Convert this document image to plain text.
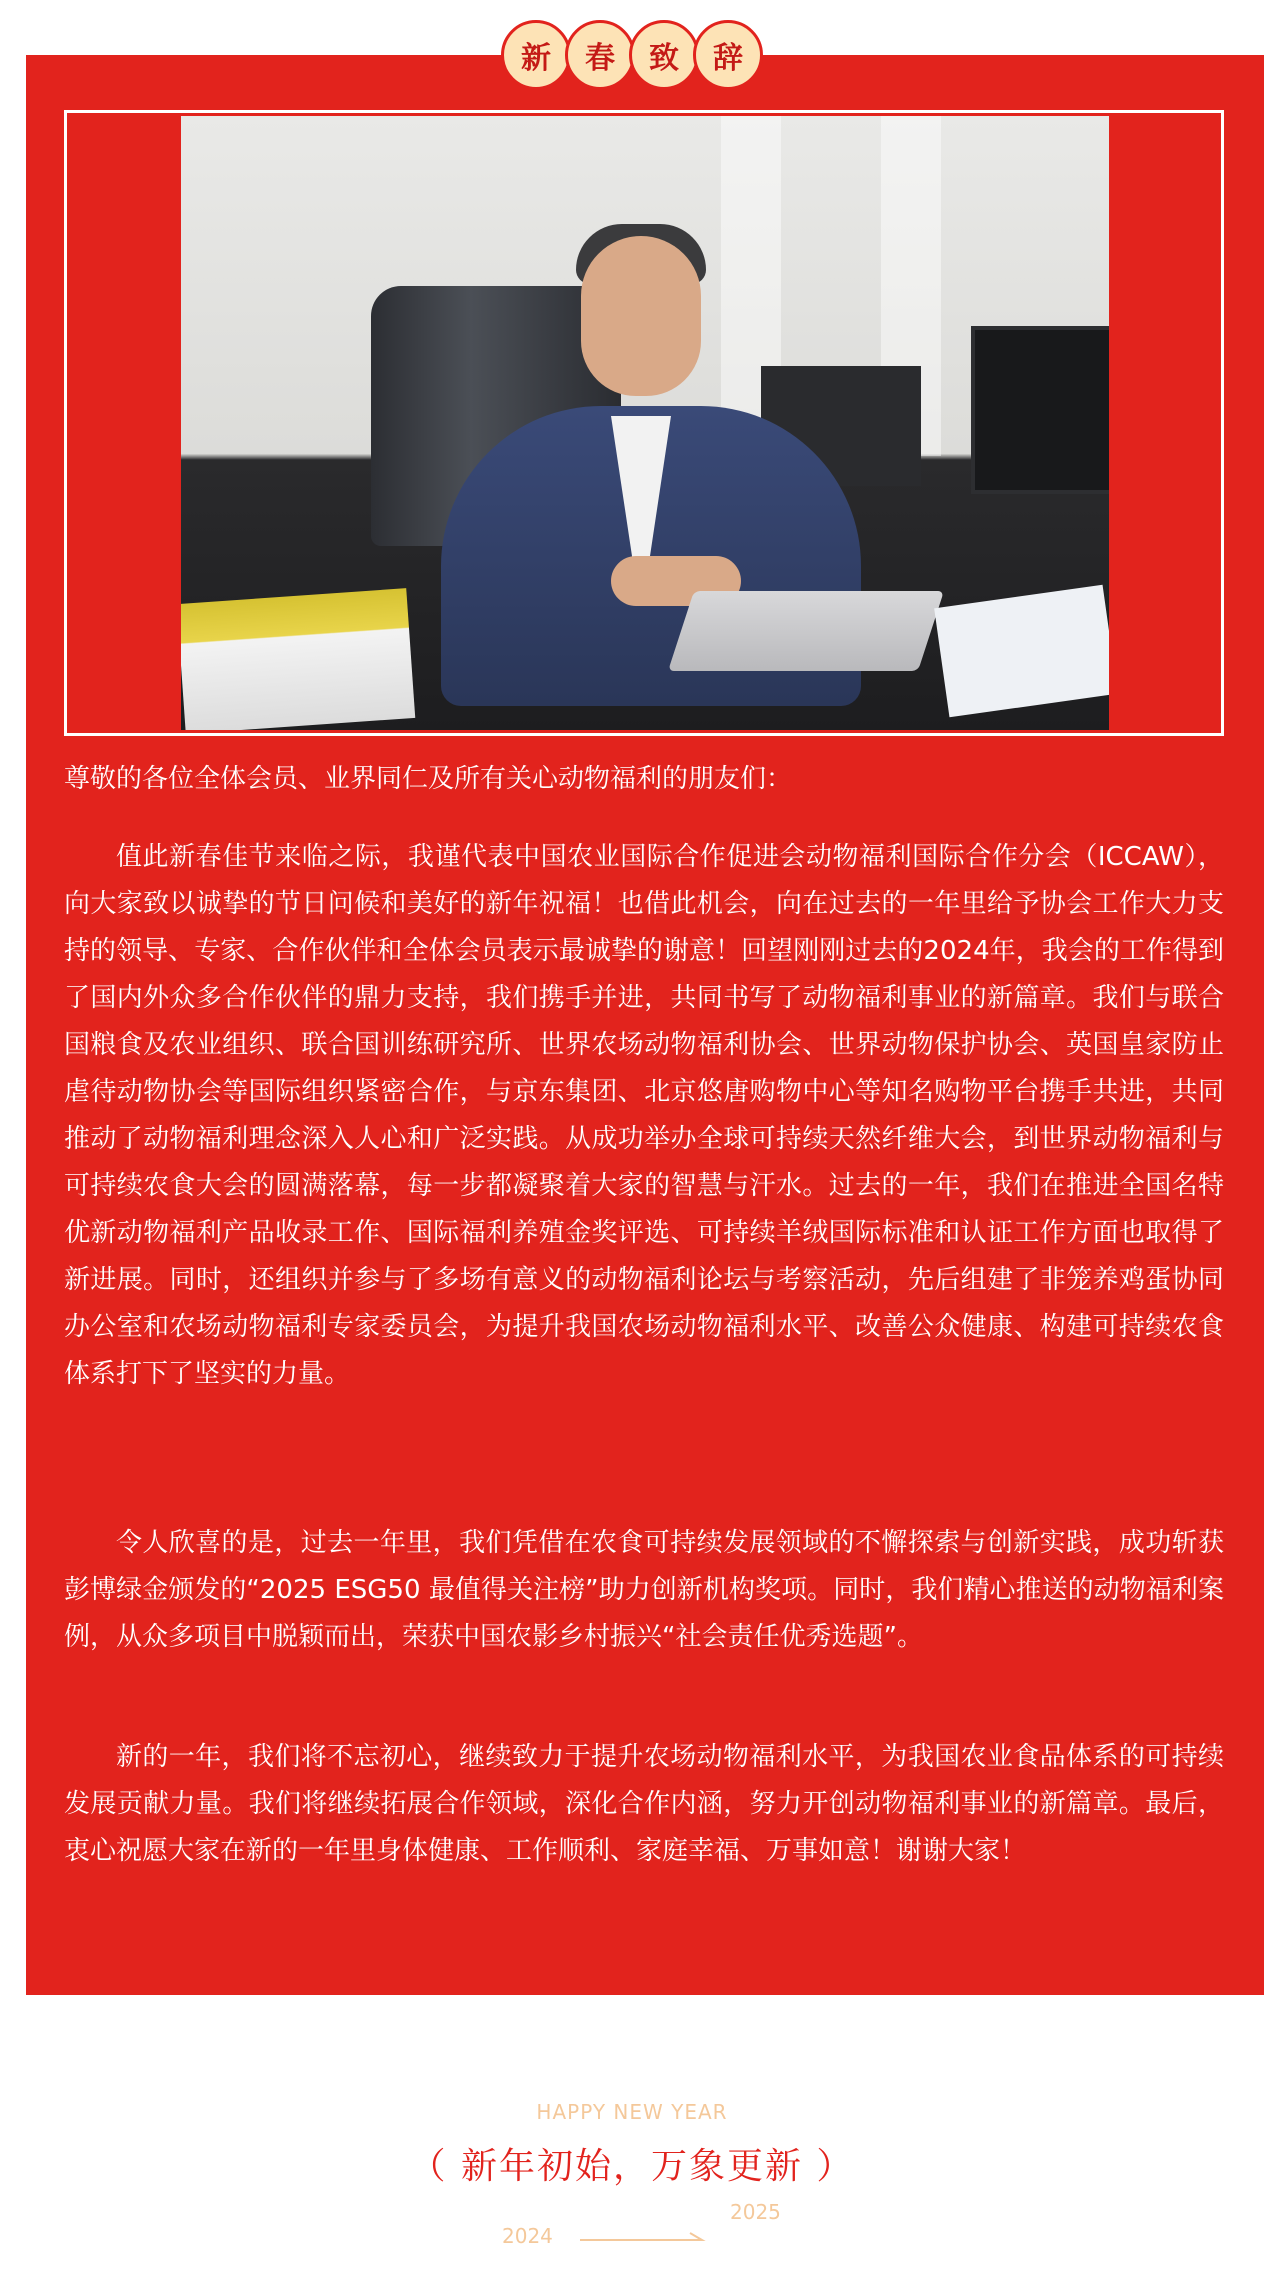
新	春	致	辞

尊敬的各位全体会员、业界同仁及所有关心动物福利的朋友们：

值此新春佳节来临之际，我谨代表中国农业国际合作促进会动物福利国际合作分会（ICCAW），向大家致以诚挚的节日问候和美好的新年祝福！也借此机会，向在过去的一年里给予协会工作大力支持的领导、专家、合作伙伴和全体会员表示最诚挚的谢意！回望刚刚过去的2024年，我会的工作得到了国内外众多合作伙伴的鼎力支持，我们携手并进，共同书写了动物福利事业的新篇章。我们与联合国粮食及农业组织、联合国训练研究所、世界农场动物福利协会、世界动物保护协会、英国皇家防止虐待动物协会等国际组织紧密合作，与京东集团、北京悠唐购物中心等知名购物平台携手共进，共同推动了动物福利理念深入人心和广泛实践。从成功举办全球可持续天然纤维大会，到世界动物福利与可持续农食大会的圆满落幕，每一步都凝聚着大家的智慧与汗水。过去的一年，我们在推进全国名特优新动物福利产品收录工作、国际福利养殖金奖评选、可持续羊绒国际标准和认证工作方面也取得了新进展。同时，还组织并参与了多场有意义的动物福利论坛与考察活动，先后组建了非笼养鸡蛋协同办公室和农场动物福利专家委员会，为提升我国农场动物福利水平、改善公众健康、构建可持续农食体系打下了坚实的力量。

令人欣喜的是，过去一年里，我们凭借在农食可持续发展领域的不懈探索与创新实践，成功斩获彭博绿金颁发的“2025 ESG50 最值得关注榜”助力创新机构奖项。同时，我们精心推送的动物福利案例，从众多项目中脱颖而出，荣获中国农影乡村振兴“社会责任优秀选题”。

新的一年，我们将不忘初心，继续致力于提升农场动物福利水平，为我国农业食品体系的可持续发展贡献力量。我们将继续拓展合作领域，深化合作内涵，努力开创动物福利事业的新篇章。最后，衷心祝愿大家在新的一年里身体健康、工作顺利、家庭幸福、万事如意！谢谢大家！

HAPPY NEW YEAR
（ 新年初始，万象更新 ）
2024
2025
